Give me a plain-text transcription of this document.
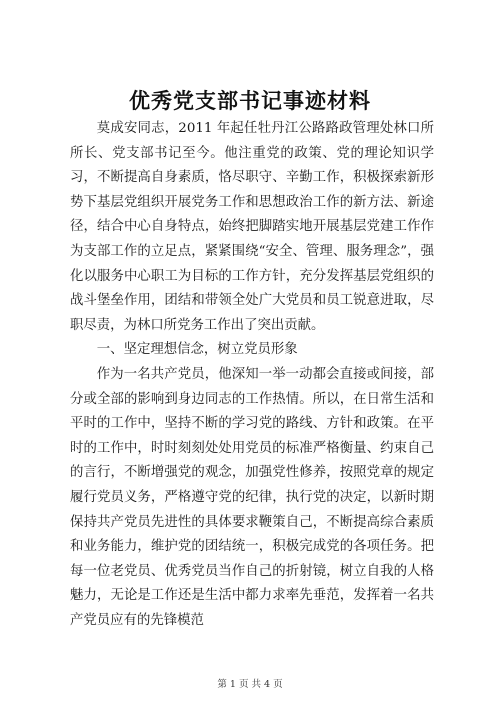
优秀党支部书记事迹材料

莫成安同志，2011 年起任牡丹江公路路政管理处林口所所长、党支部书记至今。他注重党的政策、党的理论知识学习，不断提高自身素质，恪尽职守、辛勤工作，积极探索新形势下基层党组织开展党务工作和思想政治工作的新方法、新途径，结合中心自身特点，始终把脚踏实地开展基层党建工作作为支部工作的立足点，紧紧围绕“安全、管理、服务理念”，强化以服务中心职工为目标的工作方针，充分发挥基层党组织的战斗堡垒作用，团结和带领全处广大党员和员工锐意进取，尽职尽责，为林口所党务工作出了突出贡献。

一、坚定理想信念，树立党员形象

作为一名共产党员，他深知一举一动都会直接或间接，部分或全部的影响到身边同志的工作热情。所以，在日常生活和平时的工作中，坚持不断的学习党的路线、方针和政策。在平时的工作中，时时刻刻处处用党员的标准严格衡量、约束自己的言行，不断增强党的观念，加强党性修养，按照党章的规定履行党员义务，严格遵守党的纪律，执行党的决定，以新时期保持共产党员先进性的具体要求鞭策自己，不断提高综合素质和业务能力，维护党的团结统一，积极完成党的各项任务。把每一位老党员、优秀党员当作自己的折射镜，树立自我的人格魅力，无论是工作还是生活中都力求率先垂范，发挥着一名共产党员应有的先锋模范

第 1 页 共 4 页
